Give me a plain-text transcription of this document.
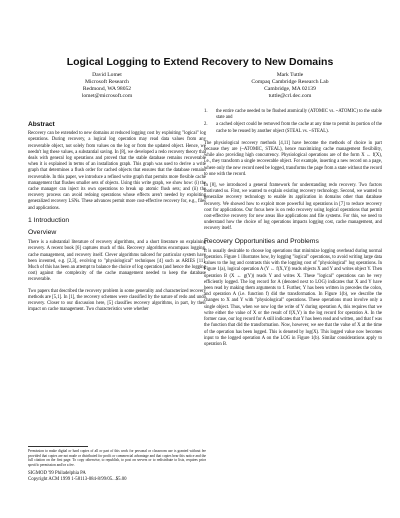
Logical Logging to Extend Recovery to New Domains
David Lomet
Microsoft Research
Redmond, WA 98052
lomet@microsoft.com
Mark Tuttle
Compaq Cambridge Research Lab
Cambridge, MA 02139
tuttle@crl.dec.com
Abstract
Recovery can be extended to new domains at reduced logging cost by exploiting "logical" log operations. During recovery, a logical log operation may read data values from any recoverable object, not solely from values on the log or from the updated object. Hence, we needn't log these values, a substantial saving. In [8], we developed a redo recovery theory that deals with general log operations and proved that the stable database remains recoverable when it is explained in terms of an installation graph. This graph was used to derive a write graph that determines a flush order for cached objects that ensures that the database remains recoverable. In this paper, we introduce a refined write graph that permits more flexible cache management that flushes smaller sets of objects. Using this write graph, we show how: (i) the cache manager can inject its own operations to break up atomic flush sets; and (ii) the recovery process can avoid redoing operations whose effects aren't needed by exploiting generalized recovery LSNs. These advances permit more cost-effective recovery for, e.g., files and applications.
1 Introduction
Overview
There is a substantial literature of recovery algorithms, and a short literature on explaining recovery. A recent book [6] captures much of this. Recovery algorithms encompass logging, cache management, and recovery itself. Clever algorithms tailored for particular system have been invented, e.g. [2,3], evolving to "physiological" techniques [4] such as ARIES [11]. Much of this has been an attempt to balance the choice of log operation (and hence the logging cost) against the complexity of the cache management needed to keep the database recoverable.
Two papers that described the recovery problem in some generality and characterized recovery methods are [5,1]. In [1], the recovery schemes were classified by the nature of redo and undo recovery. Closer to our discussion here, [5] classifies recovery algorithms, in part, by their impact on cache management. Two characteristics were whether
Permission to make digital or hard copies of all or part of this work for personal or classroom use is granted without fee provided that copies are not made or distributed for profit or commercial advantage and that copies bear this notice and the full citation on the first page. To copy otherwise, to republish, to post on servers or to redistribute to lists, requires prior specific permission and/or a fee.
SIGMOD '99 Philadelphia PA
Copyright ACM 1999 1-58113-084-8/99/05...$5.00
1.	the entire cache needed to be flushed atomically (ATOMIC vs. ~ATOMIC) to the stable state and
2.	a cached object could be removed from the cache at any time to permit its portion of the cache to be reused by another object (STEAL vs. ~STEAL).
The physiological recovery methods [4,11] have become the methods of choice in part because they are (~ATOMIC, STEAL), hence maximizing cache management flexibility, while also providing high concurrency. Physiological operations are of the form X ← f(X), i.e., they transform a single recoverable object. For example, inserting a new record on a page, where only the new record need be logged, transforms the page from a state without the record to one with the record.
In [8], we introduced a general framework for understanding redo recovery. Two factors motivated us. First, we wanted to explain existing recovery technology. Second, we wanted to generalize recovery technology to enable its application in domains other than database recovery. We showed how to exploit more powerful log operations in [7] to reduce recovery cost for applications. Our focus here is on redo recovery using logical operations that permit cost-effective recovery for new areas like applications and file systems. For this, we need to understand how the choice of log operations impacts logging cost, cache management, and recovery itself.
Recovery Opportunities and Problems
It is usually desirable to choose log operations that minimize logging overhead during normal operation. Figure 1 illustrates how, by logging "logical" operations, to avoid writing large data values to the log and contrasts this with the logging cost of "physiological" log operations. In Figure 1(a), logical operation A (Y ← f(X,Y)) reads objects X and Y and writes object Y. Then operation B (X ← g(Y)) reads Y and writes X. These "logical" operations can be very efficiently logged. The log record for A (denoted next to LOG) indicates that X and Y have been read by making them arguments to f. Further, Y has been written in precedes the colon, and operation A (i.e. function f) did the transformation. In Figure 1(b), we describe the changes to X and Y with "physiological" operations. These operations must involve only a single object. Thus, when we now log the write of Y during operation A, this requires that we write either the value of X or the result of f(X,Y) in the log record for operation A. In the former case, our log record for A still indicates that Y has been read and written, and that f was the function that did the transformation. Now, however, we see that the value of X at the time of the operation has been logged. This is denoted by log(X). This logged value now becomes input to the logged operation A on the LOG in Figure 1(b). Similar considerations apply to operation B.
